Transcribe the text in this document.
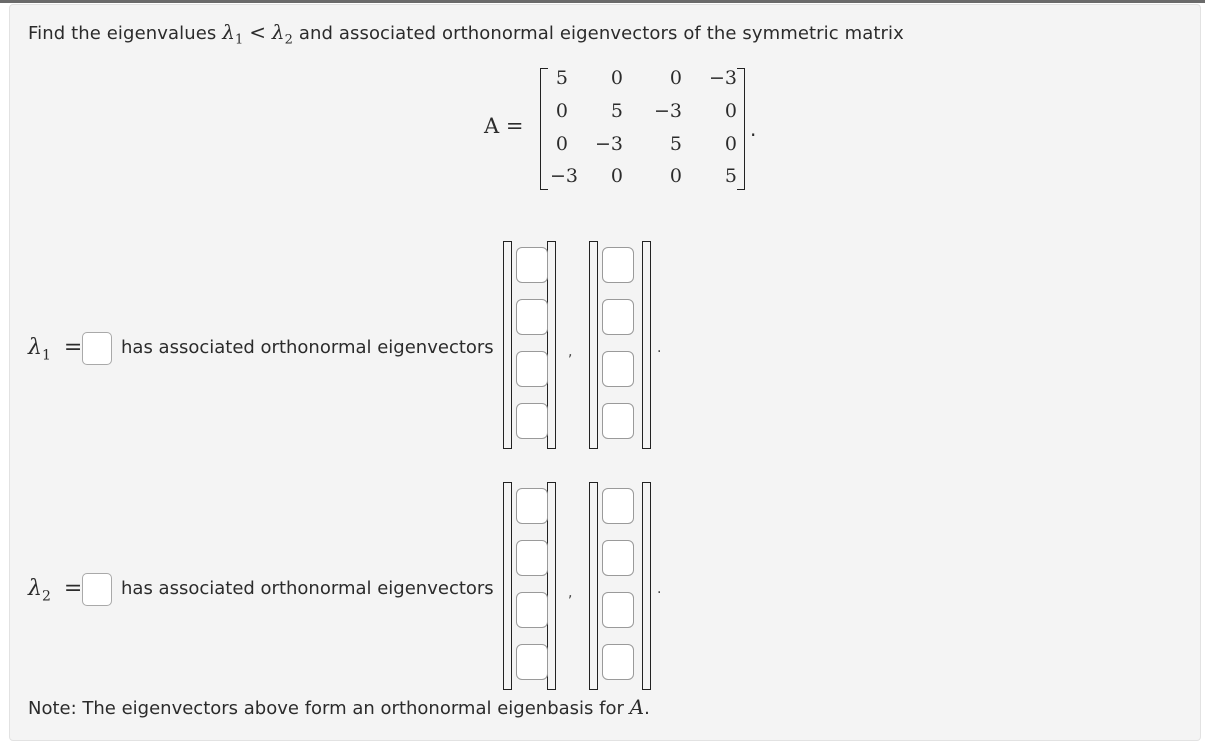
Find the eigenvalues $\lambda_1 < \lambda_2$ and associated orthonormal eigenvectors of the symmetric matrix
A =
5	0	0	−3
0	5	−3	0
0	−3	5	0
−3	0	0	5
.
$\lambda_1$ = has associated orthonormal eigenvectors	,	.
$\lambda_2$ = has associated orthonormal eigenvectors	,	.
Note: The eigenvectors above form an orthonormal eigenbasis for A.
